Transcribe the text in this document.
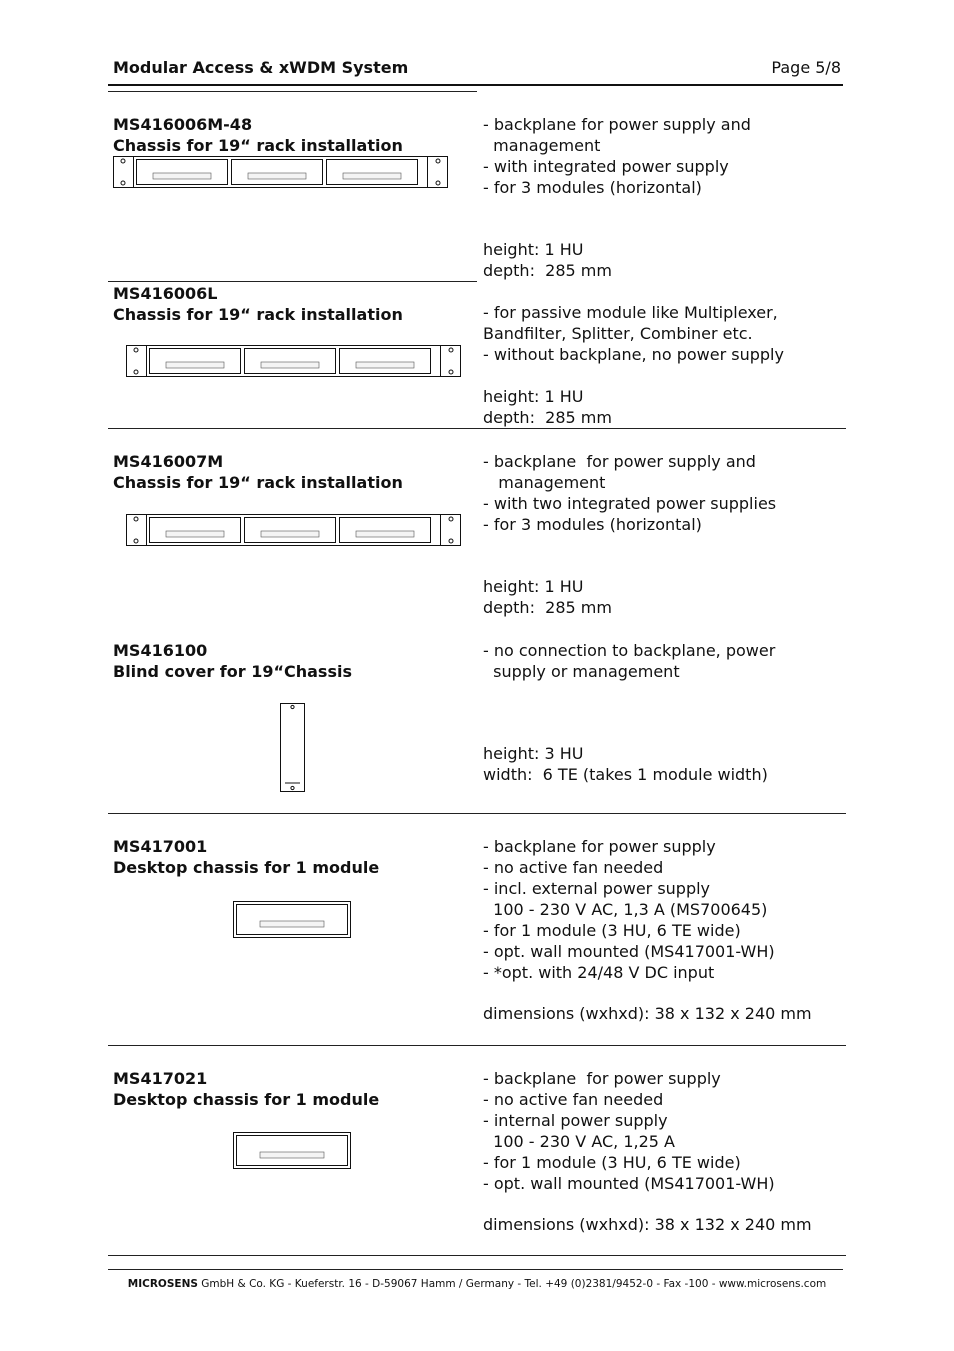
Modular Access & xWDM System	Page 5/8
MS416006M-48
Chassis for 19“ rack installation
- backplane for power supply and
management
- with integrated power supply
- for 3 modules (horizontal)
height: 1 HU
depth:  285 mm
MS416006L
Chassis for 19“ rack installation	- for passive module like Multiplexer,
Bandfilter, Splitter, Combiner etc.
- without backplane, no power supply
height: 1 HU
depth:  285 mm
MS416007M
Chassis for 19“ rack installation
- backplane  for power supply and
management
- with two integrated power supplies
- for 3 modules (horizontal)
height: 1 HU
depth:  285 mm
MS416100
Blind cover for 19“Chassis
- no connection to backplane, power
supply or management
height: 3 HU
width:  6 TE (takes 1 module width)
MS417001
Desktop chassis for 1 module
- backplane for power supply
- no active fan needed
- incl. external power supply
100 - 230 V AC, 1,3 A (MS700645)
- for 1 module (3 HU, 6 TE wide)
- opt. wall mounted (MS417001-WH)
- *opt. with 24/48 V DC input
dimensions (wxhxd): 38 x 132 x 240 mm
MS417021
Desktop chassis for 1 module
- backplane  for power supply
- no active fan needed
- internal power supply
100 - 230 V AC, 1,25 A
- for 1 module (3 HU, 6 TE wide)
- opt. wall mounted (MS417001-WH)
dimensions (wxhxd): 38 x 132 x 240 mm
MICROSENS GmbH & Co. KG - Kueferstr. 16 - D-59067 Hamm / Germany - Tel. +49 (0)2381/9452-0 - Fax -100 - www.microsens.com
